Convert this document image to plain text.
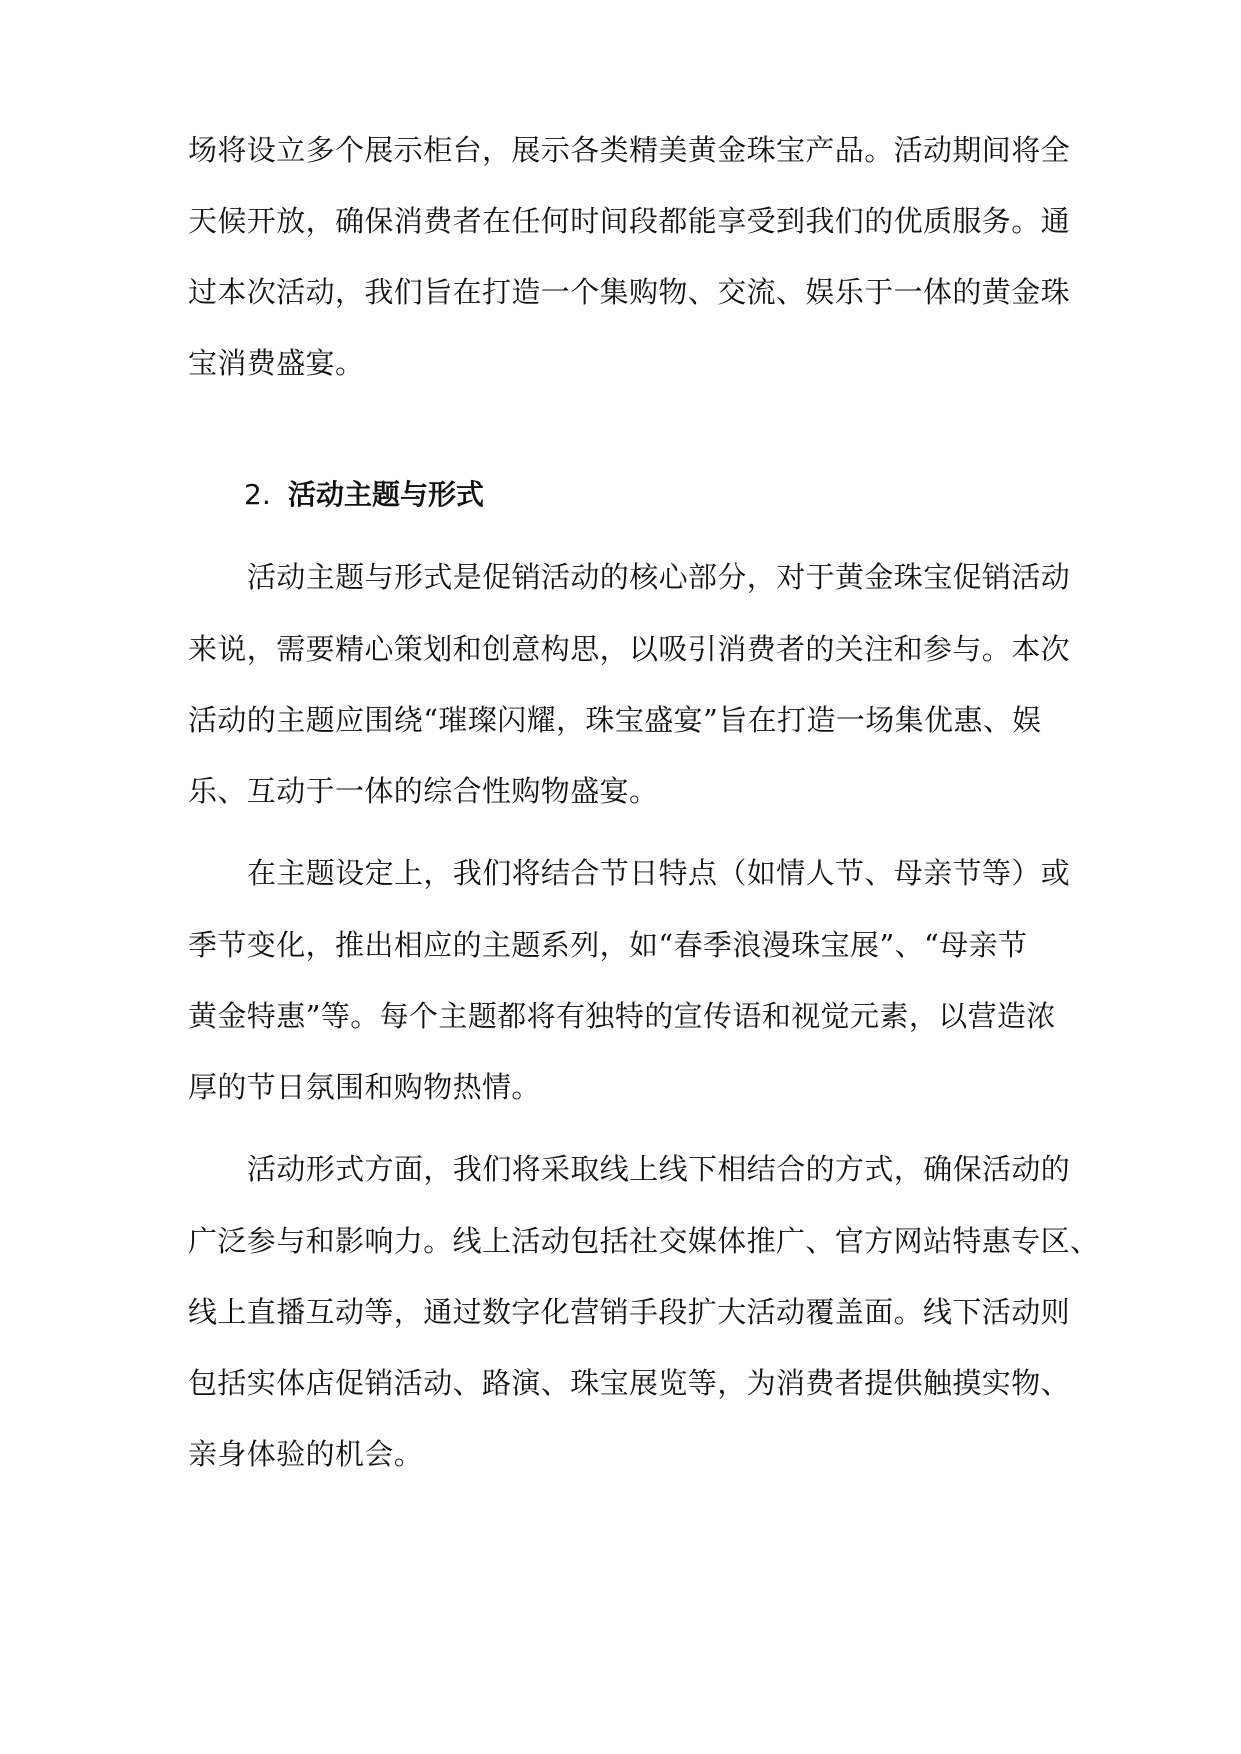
场将设立多个展示柜台，展示各类精美黄金珠宝产品。活动期间将全
天候开放，确保消费者在任何时间段都能享受到我们的优质服务。通
过本次活动，我们旨在打造一个集购物、交流、娱乐于一体的黄金珠
宝消费盛宴。
2. 活动主题与形式
活动主题与形式是促销活动的核心部分，对于黄金珠宝促销活动
来说，需要精心策划和创意构思，以吸引消费者的关注和参与。本次
活动的主题应围绕“璀璨闪耀，珠宝盛宴”旨在打造一场集优惠、娱
乐、互动于一体的综合性购物盛宴。
在主题设定上，我们将结合节日特点（如情人节、母亲节等）或
季节变化，推出相应的主题系列，如“春季浪漫珠宝展”、“母亲节
黄金特惠”等。每个主题都将有独特的宣传语和视觉元素，以营造浓
厚的节日氛围和购物热情。
活动形式方面，我们将采取线上线下相结合的方式，确保活动的
广泛参与和影响力。线上活动包括社交媒体推广、官方网站特惠专区、
线上直播互动等，通过数字化营销手段扩大活动覆盖面。线下活动则
包括实体店促销活动、路演、珠宝展览等，为消费者提供触摸实物、
亲身体验的机会。
